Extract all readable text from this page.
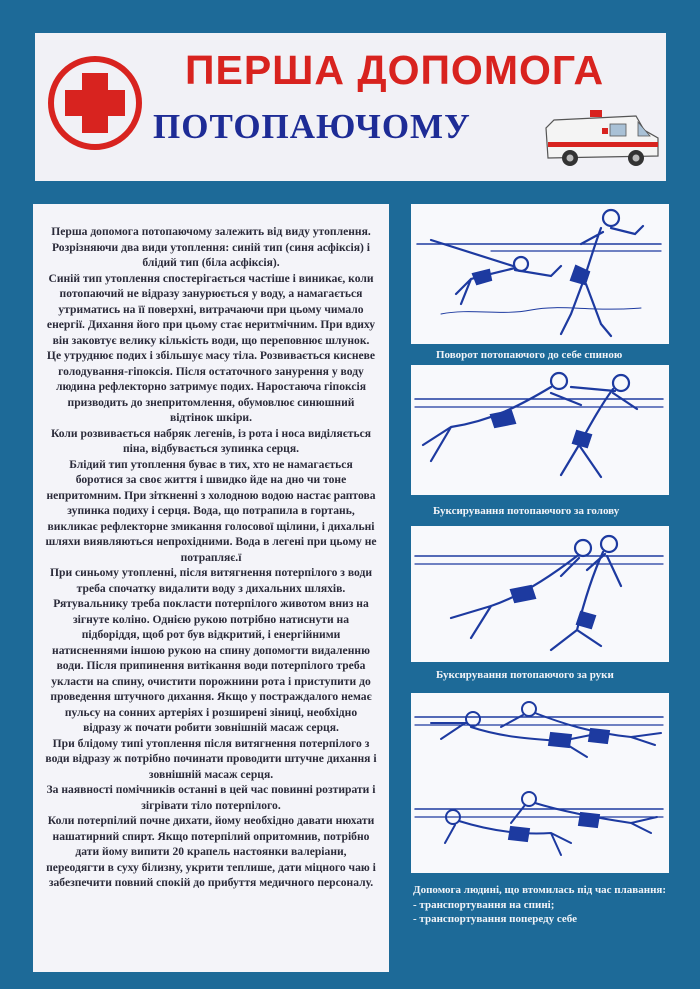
ПЕРША ДОПОМОГА
ПОТОПАЮЧОМУ

Перша допомога потопаючому залежить від виду утоплення.
Розрізняючи два види утоплення: синій тип (синя асфіксія) і блідий тип (біла асфіксія).
Синій тип утоплення спостерігається частіше і виникає, коли потопаючий не відразу занурюється у воду, а намагається утриматись на її поверхні, витрачаючи при цьому чимало енергії. Дихання його при цьому стає неритмічним. При вдиху він заковтує велику кількість води, що переповнює шлунок. Це утруднює подих і збільшує масу тіла. Розвивається кисневе голодування-гіпоксія. Після остаточного занурення у воду людина рефлекторно затримує подих. Наростаюча гіпоксія призводить до знепритомлення, обумовлює синюшний відтінок шкіри.
Коли розвивається набряк легенів, із рота і носа виділяється піна, відбувається зупинка серця.
Блідий тип утоплення буває в тих, хто не намагається боротися за своє життя і швидко йде на дно чи тоне непритомним. При зіткненні з холодною водою настає раптова зупинка подиху і серця. Вода, що потрапила в гортань, викликає рефлекторне змикання голосової щілини, і дихальні шляхи виявляються непрохідними. Вода в легені при цьому не потрапляє.ї
При синьому утопленні, після витягнення потерпілого з води треба спочатку видалити воду з дихальних шляхів. Рятувальнику треба покласти потерпілого животом вниз на зігнуте коліно. Однією рукою потрібно натиснути на підборіддя, щоб рот був відкритий, і енергійними натисненнями іншою рукою на спину допомогти видаленню води. Після припинення витікання води потерпілого треба укласти на спину, очистити порожнини рота і приступити до проведення штучного дихання. Якщо у постраждалого немає пульсу на сонних артеріях і розширені зіниці, необхідно відразу ж почати робити зовнішній масаж серця.
При блідому типі утоплення після витягнення потерпілого з води відразу ж потрібно починати проводити штучне дихання і зовнішній масаж серця.
За наявності помічників останні в цей час повинні розтирати і зігрівати тіло потерпілого.
Коли потерпілий почне дихати, йому необхідно давати нюхати нашатирний спирт. Якщо потерпілий опритомнив, потрібно дати йому випити 20 крапель настоянки валеріани, переодягти в суху білизну, укрити теплише, дати міцного чаю і забезпечити повний спокій до прибуття медичного персоналу.

Поворот потопаючого до себе спиною
Буксирування потопаючого за голову
Буксирування потопаючого за руки
Допомога людині, що втомилась під час плавання:
- транспортування на спині;
- транспортування попереду себе
